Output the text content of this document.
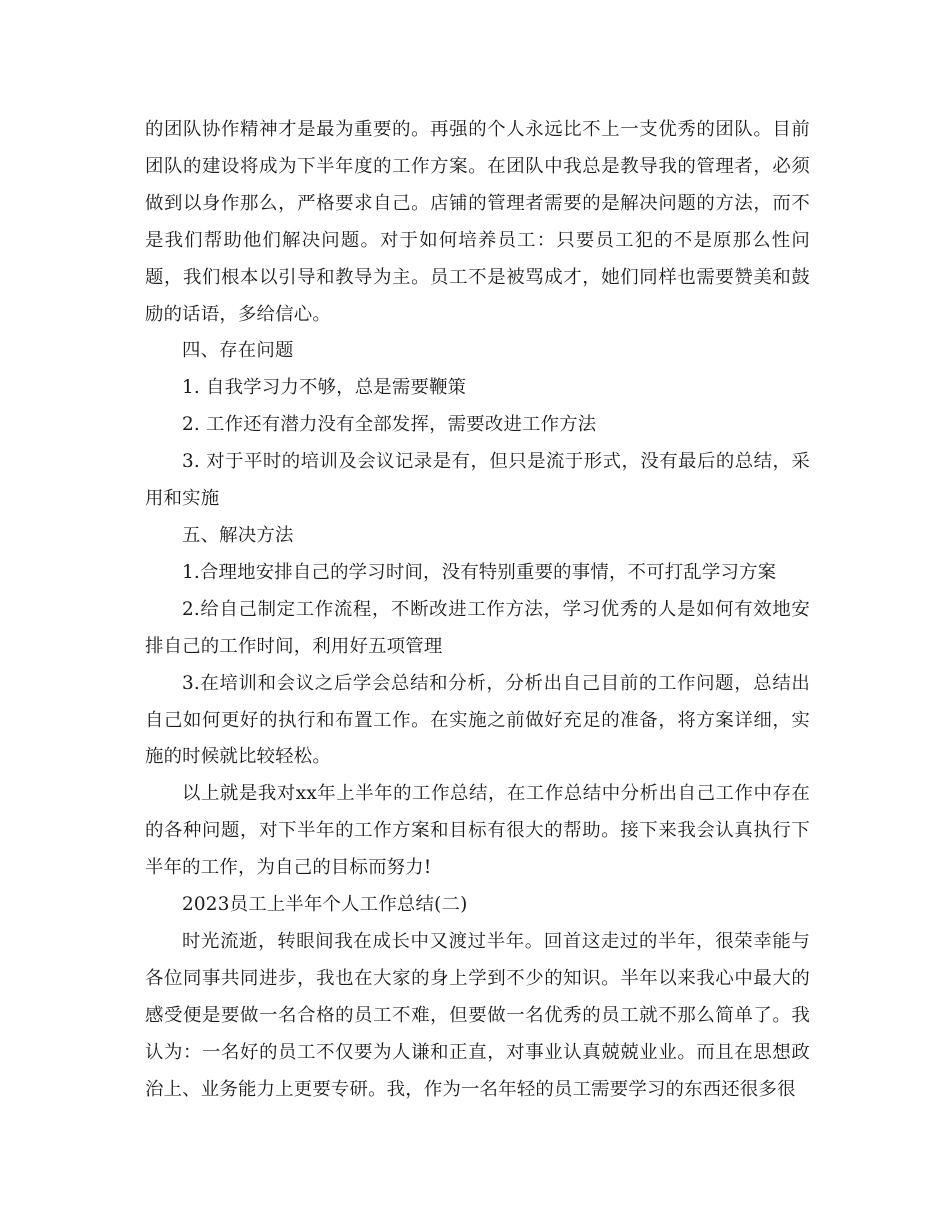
的团队协作精神才是最为重要的。再强的个人永远比不上一支优秀的团队。目前团队的建设将成为下半年度的工作方案。在团队中我总是教导我的管理者，必须做到以身作那么，严格要求自己。店铺的管理者需要的是解决问题的方法，而不是我们帮助他们解决问题。对于如何培养员工：只要员工犯的不是原那么性问题，我们根本以引导和教导为主。员工不是被骂成才，她们同样也需要赞美和鼓励的话语，多给信心。

四、存在问题

1. 自我学习力不够，总是需要鞭策

2. 工作还有潜力没有全部发挥，需要改进工作方法

3. 对于平时的培训及会议记录是有，但只是流于形式，没有最后的总结，采用和实施

五、解决方法

1.合理地安排自己的学习时间，没有特别重要的事情，不可打乱学习方案

2.给自己制定工作流程，不断改进工作方法，学习优秀的人是如何有效地安排自己的工作时间，利用好五项管理

3.在培训和会议之后学会总结和分析，分析出自己目前的工作问题，总结出自己如何更好的执行和布置工作。在实施之前做好充足的准备，将方案详细，实施的时候就比较轻松。

以上就是我对xx年上半年的工作总结，在工作总结中分析出自己工作中存在的各种问题，对下半年的工作方案和目标有很大的帮助。接下来我会认真执行下半年的工作，为自己的目标而努力!

2023员工上半年个人工作总结(二)

时光流逝，转眼间我在成长中又渡过半年。回首这走过的半年，很荣幸能与各位同事共同进步，我也在大家的身上学到不少的知识。半年以来我心中最大的感受便是要做一名合格的员工不难，但要做一名优秀的员工就不那么简单了。我认为：一名好的员工不仅要为人谦和正直，对事业认真兢兢业业。而且在思想政治上、业务能力上更要专研。我，作为一名年轻的员工需要学习的东西还很多很
